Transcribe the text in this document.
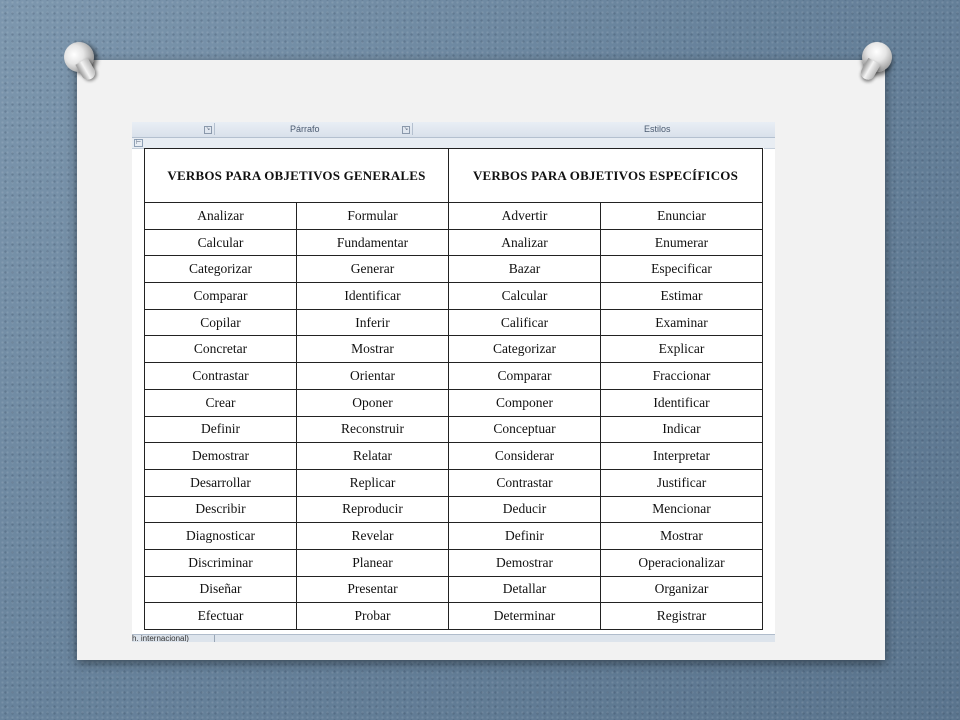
↘	Párrafo	↘	Estilos
⊢
VERBOS PARA OBJETIVOS GENERALES		VERBOS PARA OBJETIVOS ESPECÍFICOS	
Analizar	Formular	Advertir	Enunciar
Calcular	Fundamentar	Analizar	Enumerar
Categorizar	Generar	Bazar	Especificar
Comparar	Identificar	Calcular	Estimar
Copilar	Inferir	Calificar	Examinar
Concretar	Mostrar	Categorizar	Explicar
Contrastar	Orientar	Comparar	Fraccionar
Crear	Oponer	Componer	Identificar
Definir	Reconstruir	Conceptuar	Indicar
Demostrar	Relatar	Considerar	Interpretar
Desarrollar	Replicar	Contrastar	Justificar
Describir	Reproducir	Deducir	Mencionar
Diagnosticar	Revelar	Definir	Mostrar
Discriminar	Planear	Demostrar	Operacionalizar
Diseñar	Presentar	Detallar	Organizar
Efectuar	Probar	Determinar	Registrar
h. internacional)
